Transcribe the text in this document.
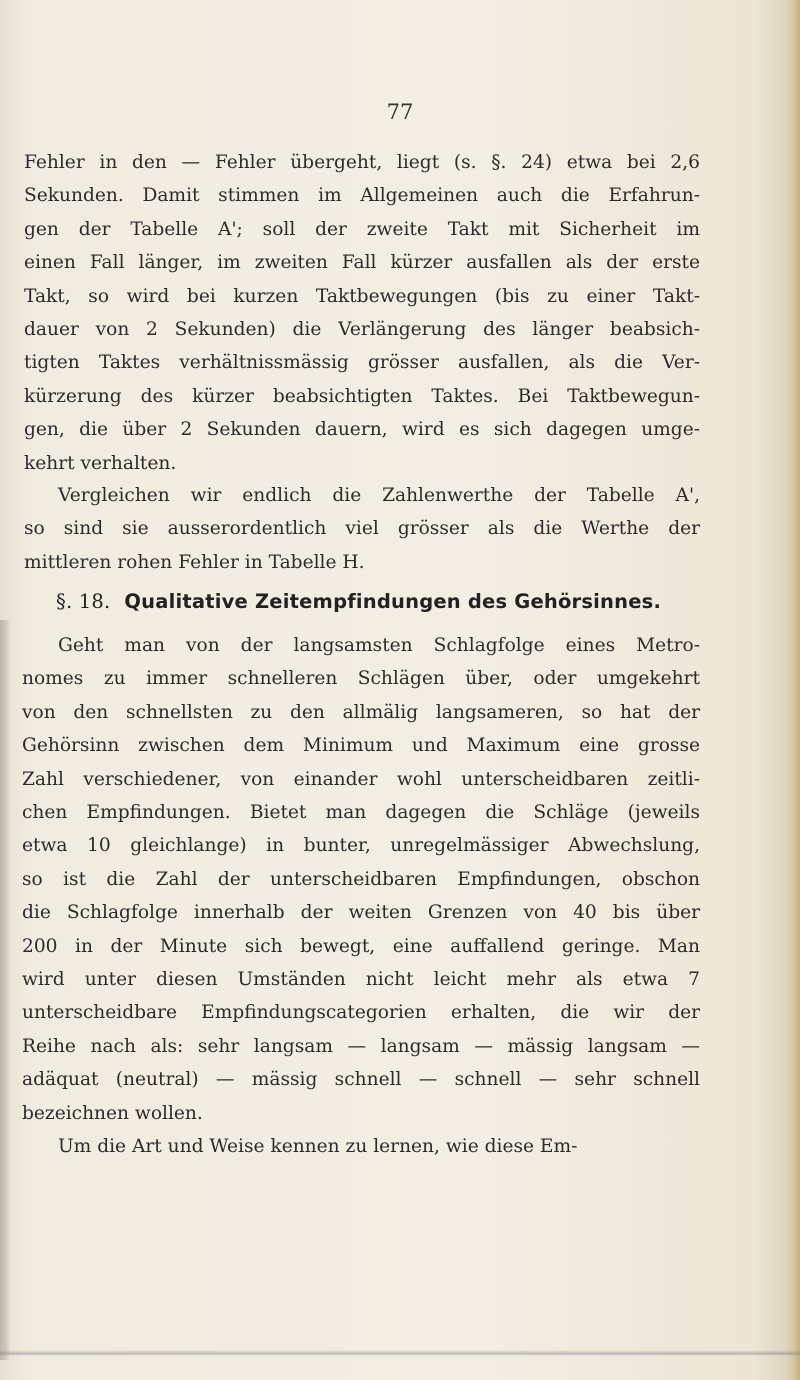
77

Fehler in den — Fehler übergeht, liegt (s. §. 24) etwa bei 2,6
Sekunden. Damit stimmen im Allgemeinen auch die Erfahrun-
gen der Tabelle A'; soll der zweite Takt mit Sicherheit im
einen Fall länger, im zweiten Fall kürzer ausfallen als der erste
Takt, so wird bei kurzen Taktbewegungen (bis zu einer Takt-
dauer von 2 Sekunden) die Verlängerung des länger beabsich-
tigten Taktes verhältnissmässig grösser ausfallen, als die Ver-
kürzerung des kürzer beabsichtigten Taktes. Bei Taktbewegun-
gen, die über 2 Sekunden dauern, wird es sich dagegen umge-
kehrt verhalten.

Vergleichen wir endlich die Zahlenwerthe der Tabelle A',
so sind sie ausserordentlich viel grösser als die Werthe der
mittleren rohen Fehler in Tabelle H.

§. 18. Qualitative Zeitempfindungen des Gehörsinnes.

Geht man von der langsamsten Schlagfolge eines Metro-
nomes zu immer schnelleren Schlägen über, oder umgekehrt
von den schnellsten zu den allmälig langsameren, so hat der
Gehörsinn zwischen dem Minimum und Maximum eine grosse
Zahl verschiedener, von einander wohl unterscheidbaren zeitli-
chen Empfindungen. Bietet man dagegen die Schläge (jeweils
etwa 10 gleichlange) in bunter, unregelmässiger Abwechslung,
so ist die Zahl der unterscheidbaren Empfindungen, obschon
die Schlagfolge innerhalb der weiten Grenzen von 40 bis über
200 in der Minute sich bewegt, eine auffallend geringe. Man
wird unter diesen Umständen nicht leicht mehr als etwa 7
unterscheidbare Empfindungscategorien erhalten, die wir der
Reihe nach als: sehr langsam — langsam — mässig langsam —
adäquat (neutral) — mässig schnell — schnell — sehr schnell
bezeichnen wollen.
Um die Art und Weise kennen zu lernen, wie diese Em-
